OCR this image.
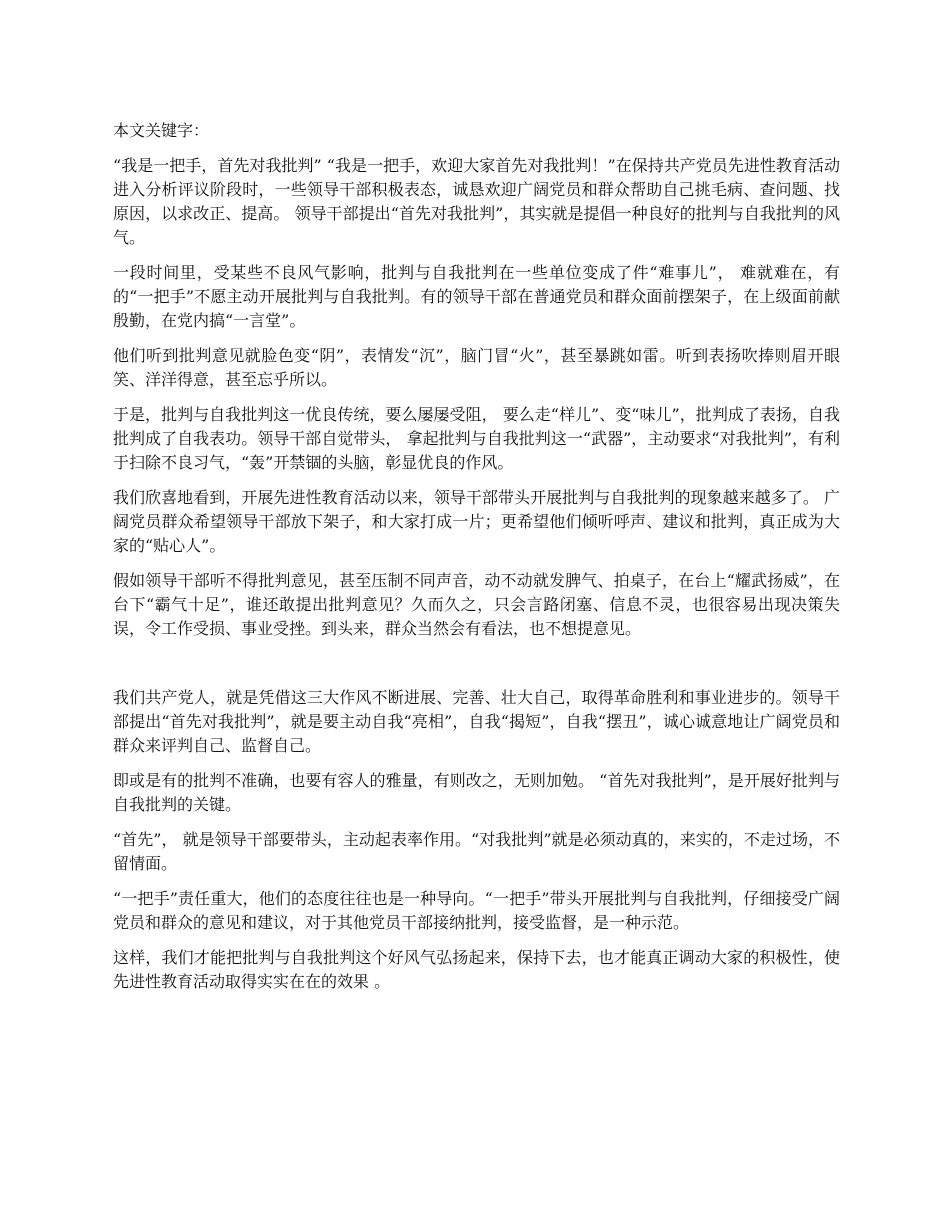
本文关键字：
“我是一把手，首先对我批判” “我是一把手，欢迎大家首先对我批判！”在保持共产党员先进性教育活动进入分析评议阶段时，一些领导干部积极表态，诚恳欢迎广阔党员和群众帮助自己挑毛病、查问题、找原因，以求改正、提高。 领导干部提出“首先对我批判”，其实就是提倡一种良好的批判与自我批判的风气。
一段时间里，受某些不良风气影响，批判与自我批判在一些单位变成了件“难事儿”， 难就难在，有的“一把手”不愿主动开展批判与自我批判。有的领导干部在普通党员和群众面前摆架子，在上级面前献殷勤，在党内搞“一言堂”。
他们听到批判意见就脸色变“阴”，表情发“沉”，脑门冒“火”，甚至暴跳如雷。听到表扬吹捧则眉开眼笑、洋洋得意，甚至忘乎所以。
于是，批判与自我批判这一优良传统，要么屡屡受阻， 要么走“样儿”、变“味儿”，批判成了表扬，自我批判成了自我表功。领导干部自觉带头， 拿起批判与自我批判这一“武器”，主动要求“对我批判”，有利于扫除不良习气，“轰”开禁锢的头脑，彰显优良的作风。
我们欣喜地看到，开展先进性教育活动以来，领导干部带头开展批判与自我批判的现象越来越多了。 广阔党员群众希望领导干部放下架子，和大家打成一片；更希望他们倾听呼声、建议和批判，真正成为大家的“贴心人”。
假如领导干部听不得批判意见，甚至压制不同声音，动不动就发脾气、拍桌子，在台上“耀武扬威”，在台下“霸气十足”，谁还敢提出批判意见？久而久之，只会言路闭塞、信息不灵，也很容易出现决策失误，令工作受损、事业受挫。到头来，群众当然会有看法，也不想提意见。
我们共产党人，就是凭借这三大作风不断进展、完善、壮大自己，取得革命胜利和事业进步的。领导干部提出“首先对我批判”，就是要主动自我“亮相”，自我“揭短”，自我“摆丑”，诚心诚意地让广阔党员和群众来评判自己、监督自己。
即或是有的批判不准确，也要有容人的雅量，有则改之，无则加勉。 “首先对我批判”，是开展好批判与自我批判的关键。
“首先”， 就是领导干部要带头，主动起表率作用。“对我批判”就是必须动真的，来实的，不走过场，不留情面。
“一把手”责任重大，他们的态度往往也是一种导向。“一把手”带头开展批判与自我批判，仔细接受广阔党员和群众的意见和建议，对于其他党员干部接纳批判，接受监督，是一种示范。
这样，我们才能把批判与自我批判这个好风气弘扬起来，保持下去，也才能真正调动大家的积极性，使先进性教育活动取得实实在在的效果 。
